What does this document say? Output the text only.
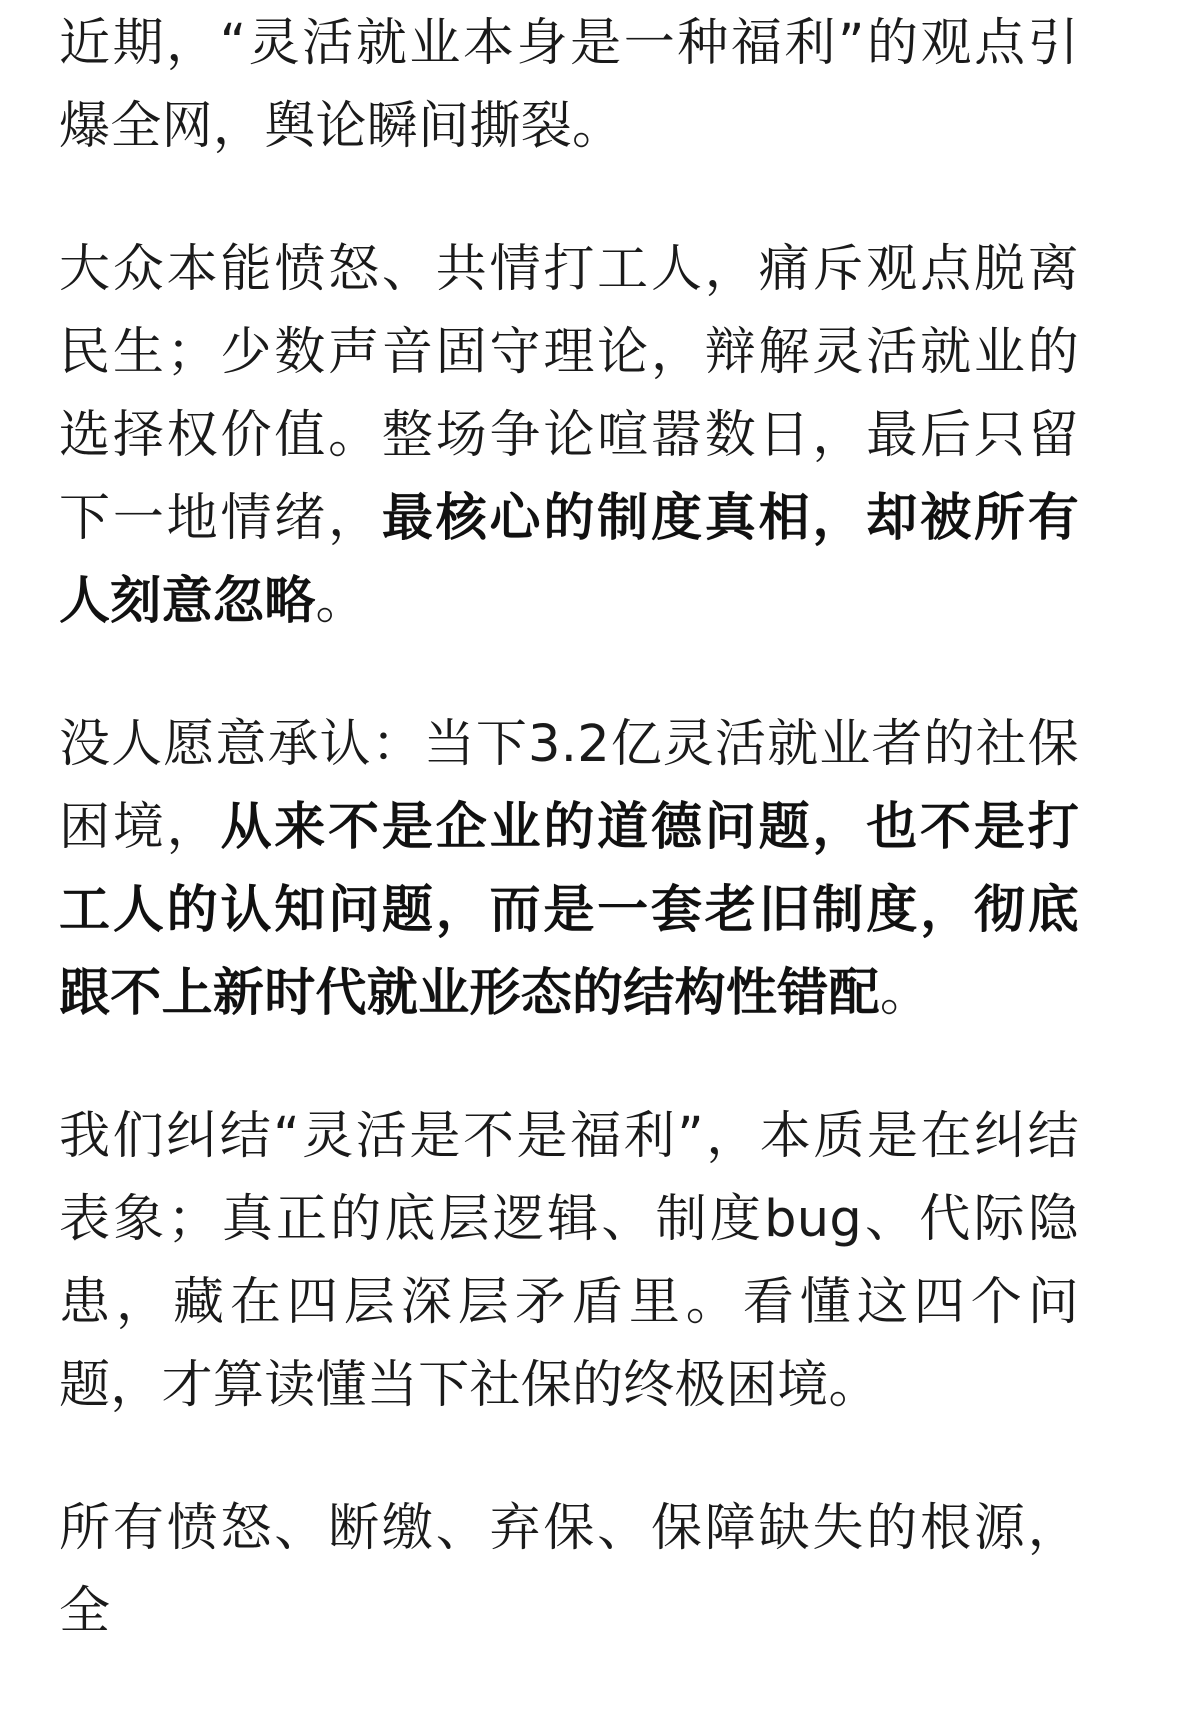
近期，“灵活就业本身是一种福利”的观点引爆全网，舆论瞬间撕裂。

大众本能愤怒、共情打工人，痛斥观点脱离民生；少数声音固守理论，辩解灵活就业的选择权价值。整场争论喧嚣数日，最后只留下一地情绪，最核心的制度真相，却被所有人刻意忽略。

没人愿意承认：当下3.2亿灵活就业者的社保困境，从来不是企业的道德问题，也不是打工人的认知问题，而是一套老旧制度，彻底跟不上新时代就业形态的结构性错配。

我们纠结“灵活是不是福利”，本质是在纠结表象；真正的底层逻辑、制度bug、代际隐患，藏在四层深层矛盾里。看懂这四个问题，才算读懂当下社保的终极困境。

所有愤怒、断缴、弃保、保障缺失的根源，全
